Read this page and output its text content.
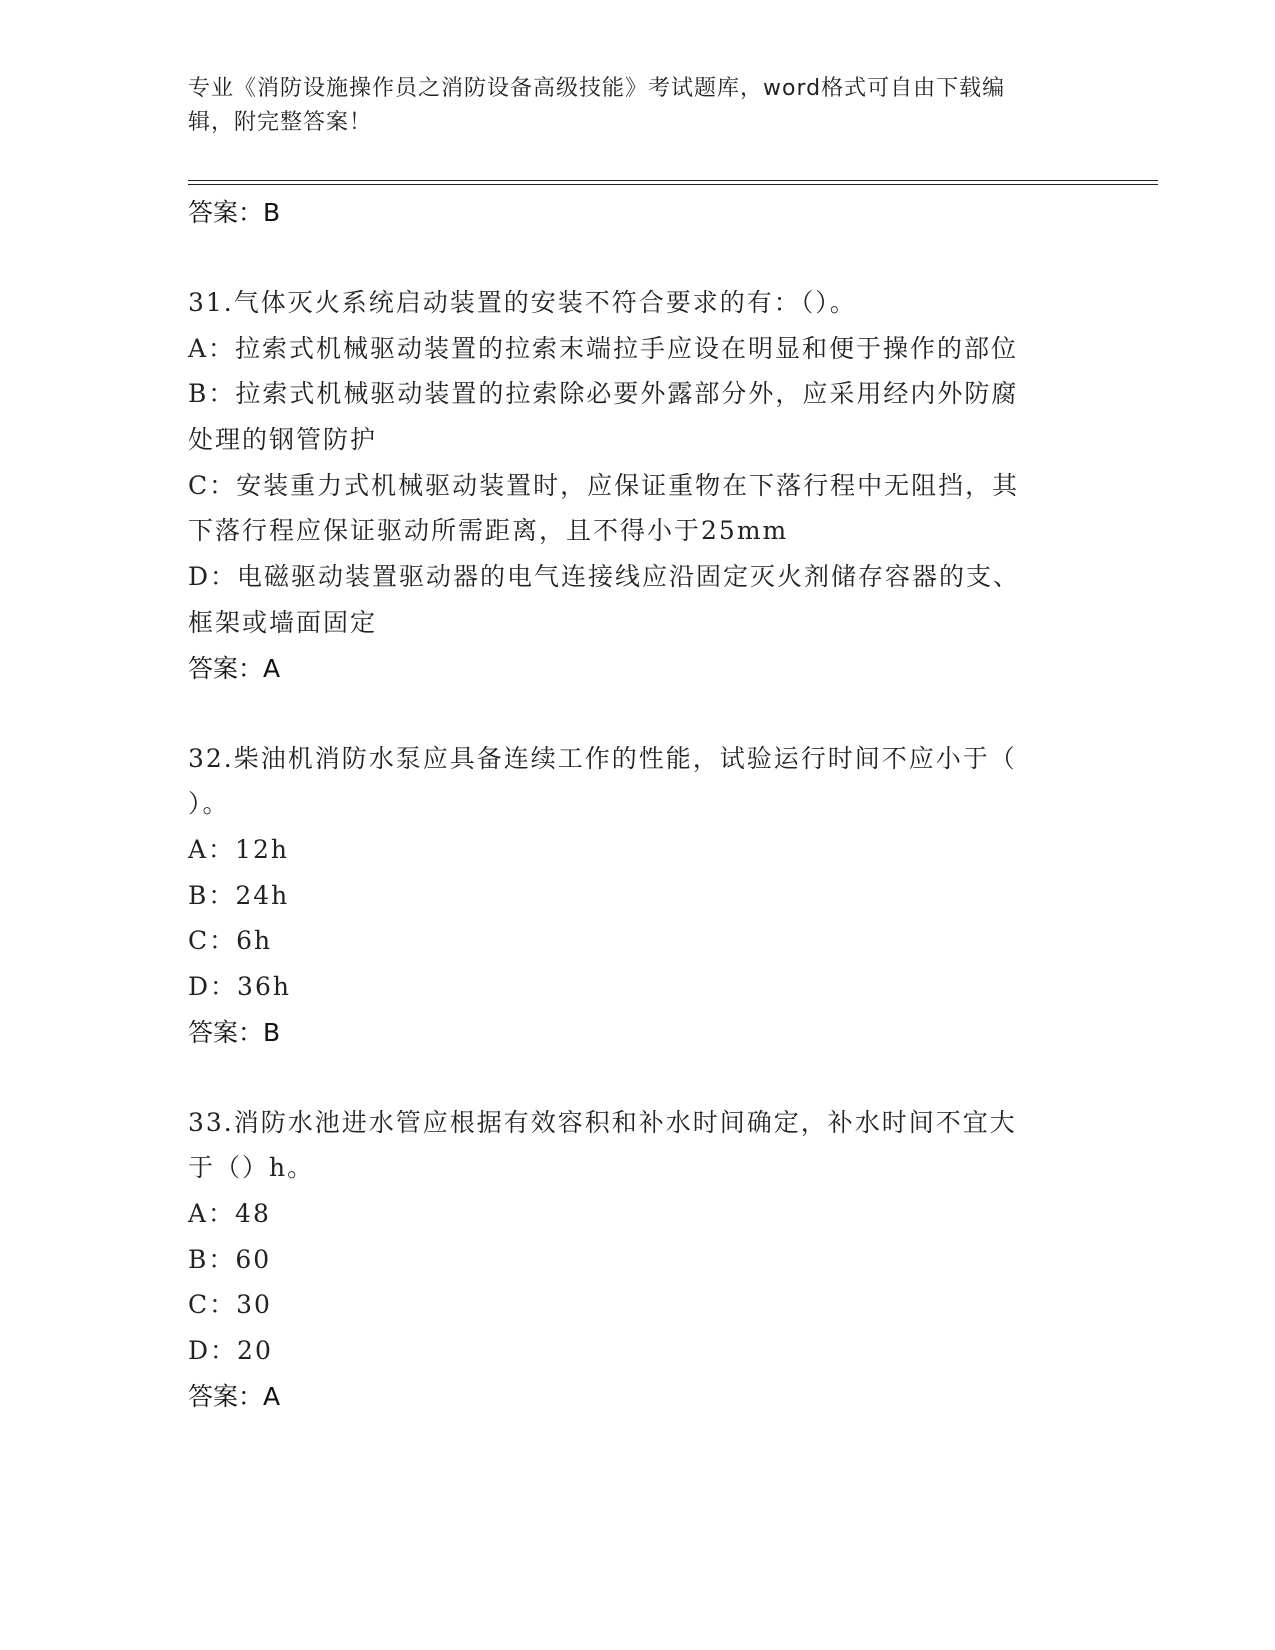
专业《消防设施操作员之消防设备高级技能》考试题库，word格式可自由下载编
辑，附完整答案！
答案：B
31.气体灭火系统启动装置的安装不符合要求的有：（）。
A：拉索式机械驱动装置的拉索末端拉手应设在明显和便于操作的部位
B：拉索式机械驱动装置的拉索除必要外露部分外，应采用经内外防腐
处理的钢管防护
C：安装重力式机械驱动装置时，应保证重物在下落行程中无阻挡，其
下落行程应保证驱动所需距离，且不得小于25mm
D：电磁驱动装置驱动器的电气连接线应沿固定灭火剂储存容器的支、
框架或墙面固定
答案：A
32.柴油机消防水泵应具备连续工作的性能，试验运行时间不应小于（
）。
A：12h
B：24h
C：6h
D：36h
答案：B
33.消防水池进水管应根据有效容积和补水时间确定，补水时间不宜大
于（）h。
A：48
B：60
C：30
D：20
答案：A
